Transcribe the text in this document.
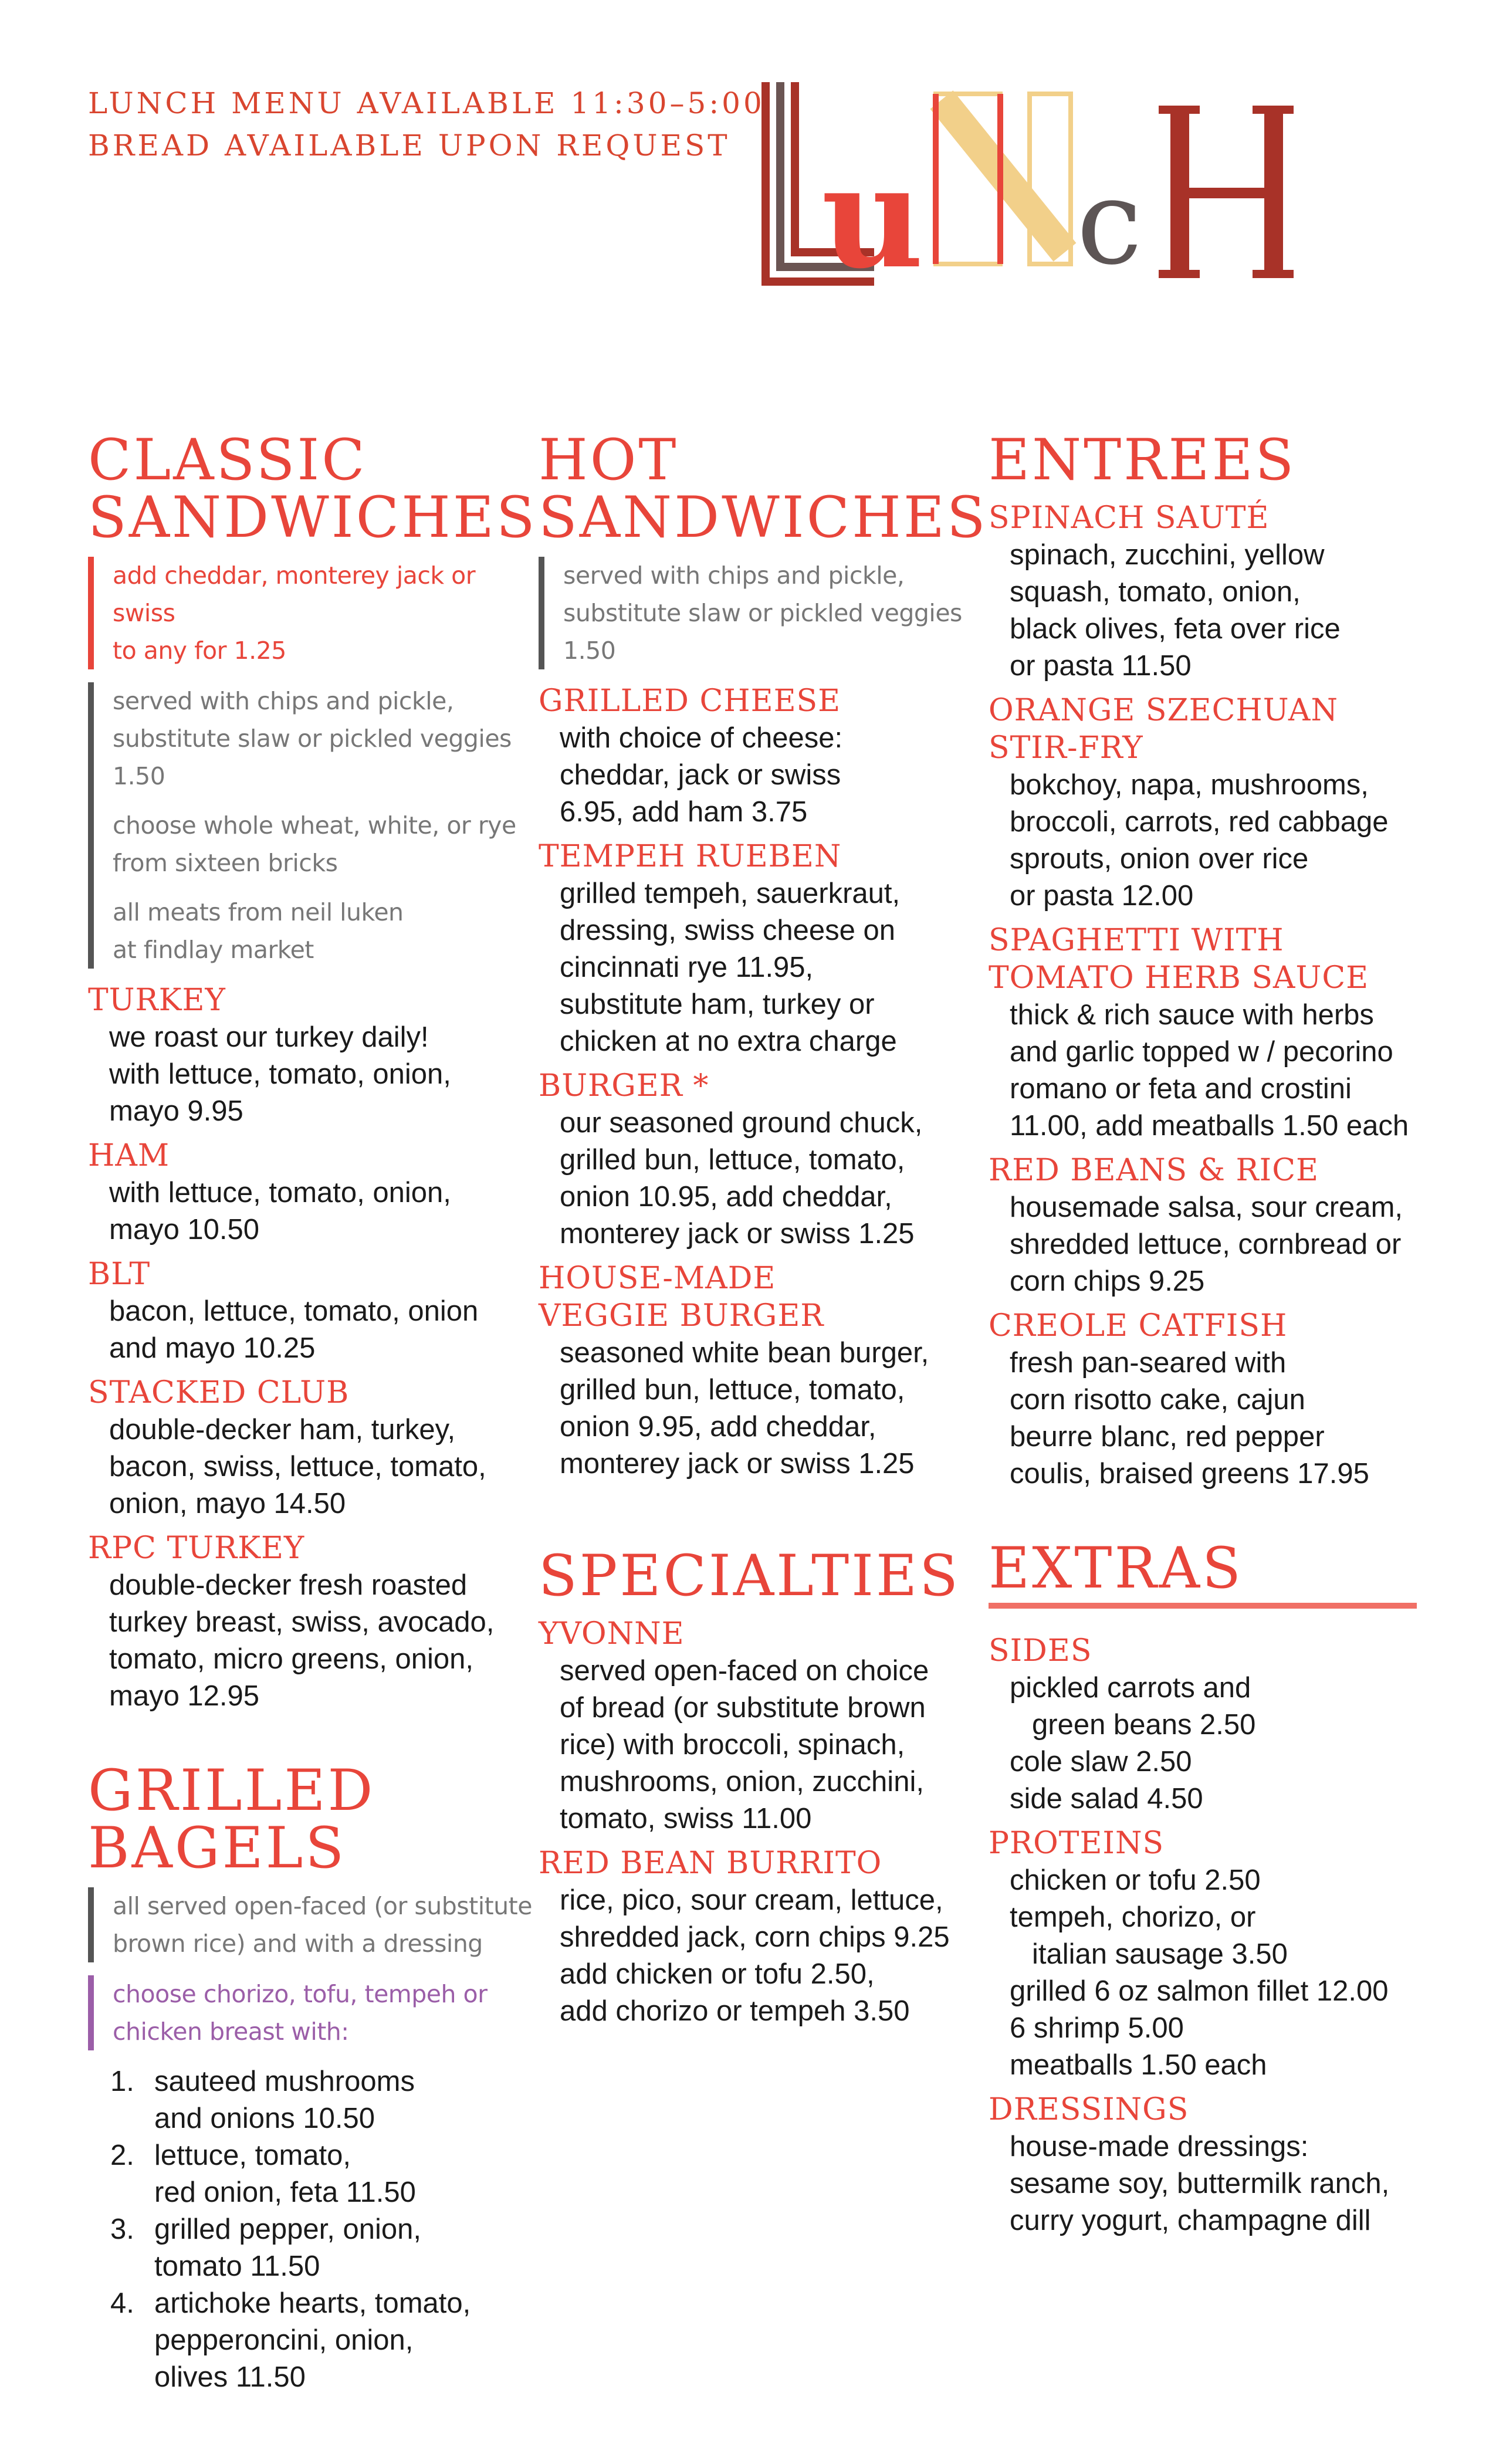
LUNCH MENU AVAILABLE 11:30–5:00
BREAD AVAILABLE UPON REQUEST u c
CLASSIC
SANDWICHES
add cheddar, monterey jack or swiss
to any for 1.25
served with chips and pickle,
substitute slaw or pickled veggies 1.50
choose whole wheat, white, or rye
from sixteen bricks
all meats from neil luken
at findlay market
TURKEY
we roast our turkey daily!
with lettuce, tomato, onion,
mayo 9.95
HAM
with lettuce, tomato, onion,
mayo 10.50
BLT
bacon, lettuce, tomato, onion
and mayo 10.25
STACKED CLUB
double-decker ham, turkey,
bacon, swiss, lettuce, tomato,
onion, mayo 14.50
RPC TURKEY
double-decker fresh roasted
turkey breast, swiss, avocado,
tomato, micro greens, onion,
mayo 12.95
GRILLED
BAGELS
all served open-faced (or substitute
brown rice) and with a dressing
choose chorizo, tofu, tempeh or
chicken breast with:
1. sauteed mushrooms
and onions 10.50
2. lettuce, tomato,
red onion, feta 11.50
3. grilled pepper, onion,
tomato 11.50
4. artichoke hearts, tomato,
pepperoncini, onion,
olives 11.50
HOT
SANDWICHES
served with chips and pickle,
substitute slaw or pickled veggies 1.50
GRILLED CHEESE
with choice of cheese:
cheddar, jack or swiss
6.95, add ham 3.75
TEMPEH RUEBEN
grilled tempeh, sauerkraut,
dressing, swiss cheese on
cincinnati rye 11.95,
substitute ham, turkey or
chicken at no extra charge
BURGER *
our seasoned ground chuck,
grilled bun, lettuce, tomato,
onion 10.95, add cheddar,
monterey jack or swiss 1.25
HOUSE-MADE
VEGGIE BURGER
seasoned white bean burger,
grilled bun, lettuce, tomato,
onion 9.95, add cheddar,
monterey jack or swiss 1.25
SPECIALTIES
YVONNE
served open-faced on choice
of bread (or substitute brown
rice) with broccoli, spinach,
mushrooms, onion, zucchini,
tomato, swiss 11.00
RED BEAN BURRITO
rice, pico, sour cream, lettuce,
shredded jack, corn chips 9.25
add chicken or tofu 2.50,
add chorizo or tempeh 3.50
ENTREES
SPINACH SAUTÉ
spinach, zucchini, yellow
squash, tomato, onion,
black olives, feta over rice
or pasta 11.50
ORANGE SZECHUAN
STIR-FRY
bokchoy, napa, mushrooms,
broccoli, carrots, red cabbage
sprouts, onion over rice
or pasta 12.00
SPAGHETTI WITH
TOMATO HERB SAUCE
thick & rich sauce with herbs
and garlic topped w / pecorino
romano or feta and crostini
11.00, add meatballs 1.50 each
RED BEANS & RICE
housemade salsa, sour cream,
shredded lettuce, cornbread or
corn chips 9.25
CREOLE CATFISH
fresh pan-seared with
corn risotto cake, cajun
beurre blanc, red pepper
coulis, braised greens 17.95
EXTRAS
SIDES
pickled carrots and
green beans 2.50
cole slaw 2.50
side salad 4.50
PROTEINS
chicken or tofu 2.50
tempeh, chorizo, or
italian sausage 3.50
grilled 6 oz salmon fillet 12.00
6 shrimp 5.00
meatballs 1.50 each
DRESSINGS
house-made dressings:
sesame soy, buttermilk ranch,
curry yogurt, champagne dill
